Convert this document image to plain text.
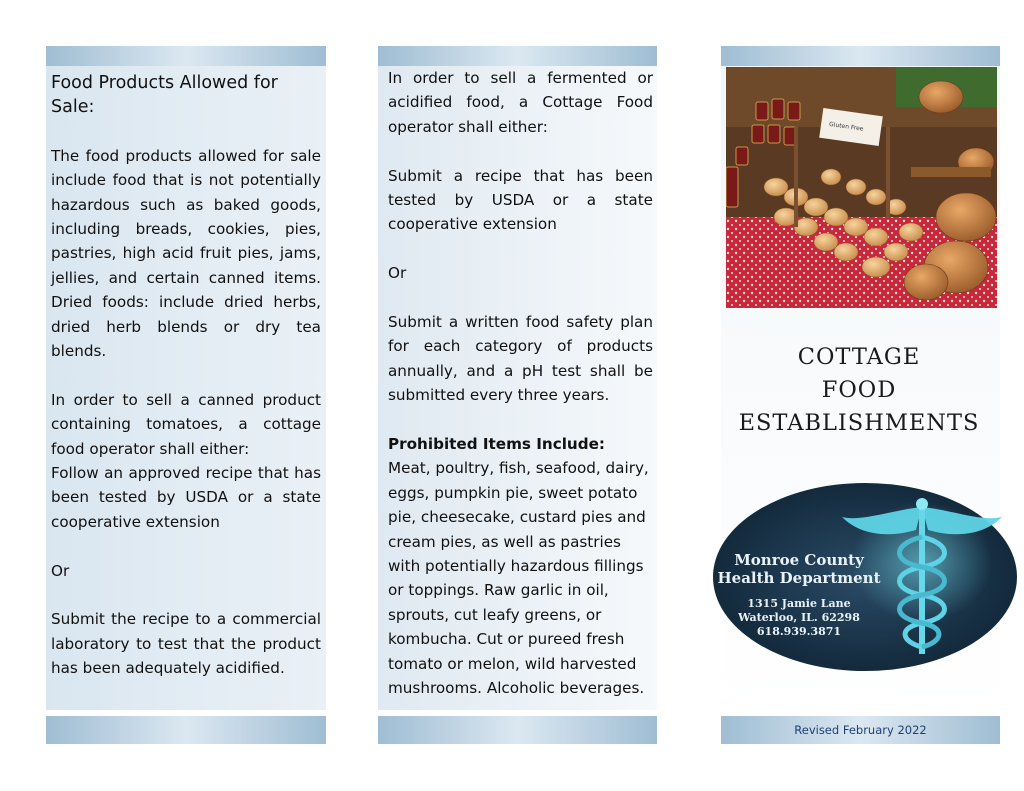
Food Products Allowed for Sale:

The food products allowed for sale include food that is not potentially hazardous such as baked goods, including breads, cookies, pies, pastries, high acid fruit pies, jams, jellies, and certain canned items. Dried foods: include dried herbs, dried herb blends or dry tea blends.

In order to sell a canned product containing tomatoes, a cottage food operator shall either:

Follow an approved recipe that has been tested by USDA or a state cooperative extension

Or

Submit the recipe to a commercial laboratory to test that the product has been adequately acidified.

In order to sell a fermented or acidified food, a Cottage Food operator shall either:

Submit a recipe that has been tested by USDA or a state cooperative extension

Or

Submit a written food safety plan for each category of products annually, and a pH test shall be submitted every three years.

Prohibited Items Include:  Meat, poultry, fish, seafood, dairy, eggs, pumpkin pie, sweet potato pie, cheesecake, custard pies and cream pies, as well as pastries with potentially hazardous fillings or toppings. Raw garlic in oil, sprouts, cut leafy greens, or kombucha. Cut or pureed fresh tomato or melon, wild harvested mushrooms. Alcoholic beverages.

Gluten Free
COTTAGE
FOOD
ESTABLISHMENTS
Monroe County
Health Department
1315 Jamie Lane
Waterloo, IL. 62298
618.939.3871
Revised February 2022
